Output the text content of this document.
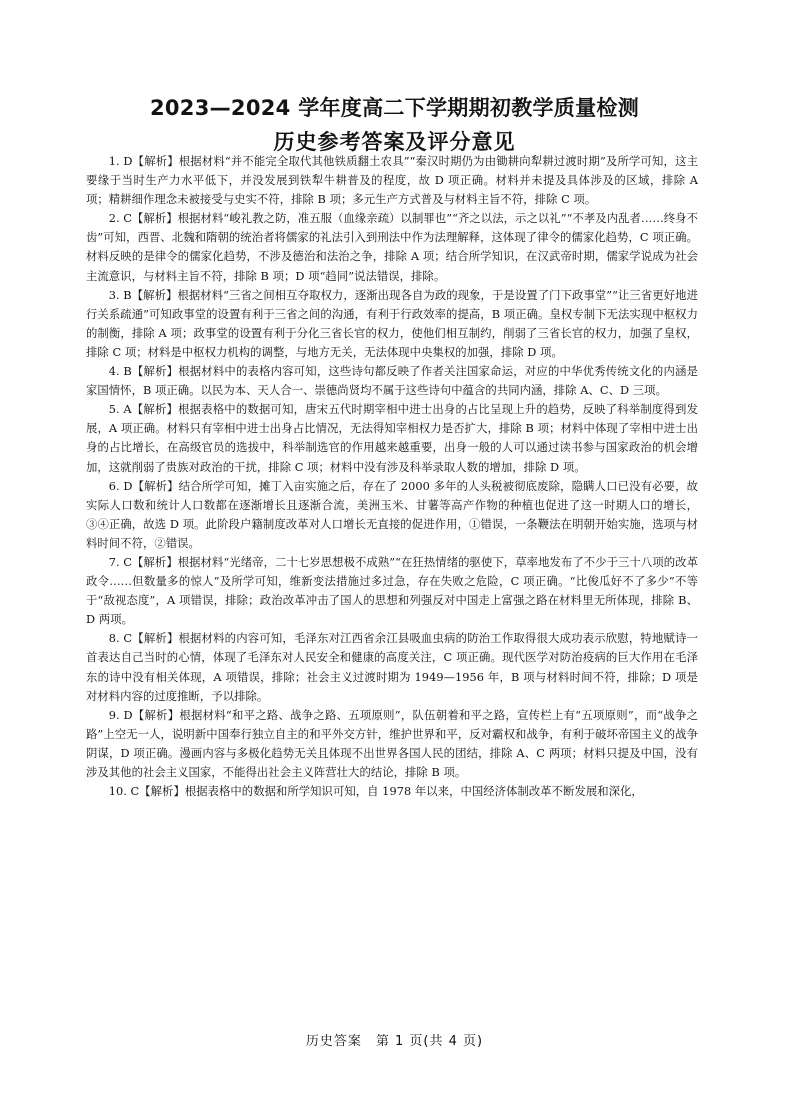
2023—2024 学年度高二下学期期初教学质量检测
历史参考答案及评分意见

1. D【解析】根据材料“并不能完全取代其他铁质翻土农具”“秦汉时期仍为由锄耕向犁耕过渡时期”及所学可知，这主要缘于当时生产力水平低下，并没发展到铁犁牛耕普及的程度，故 D 项正确。材料并未提及具体涉及的区域，排除 A 项；精耕细作理念未被接受与史实不符，排除 B 项；多元生产方式普及与材料主旨不符，排除 C 项。

2. C【解析】根据材料“峻礼教之防，准五服（血缘亲疏）以制罪也”“齐之以法，示之以礼”“不孝及内乱者……终身不齿”可知，西晋、北魏和隋朝的统治者将儒家的礼法引入到刑法中作为法理解释，这体现了律令的儒家化趋势，C 项正确。材料反映的是律令的儒家化趋势，不涉及德治和法治之争，排除 A 项；结合所学知识，在汉武帝时期，儒家学说成为社会主流意识，与材料主旨不符，排除 B 项；D 项“趋同”说法错误，排除。

3. B【解析】根据材料“三省之间相互夺取权力，逐渐出现各自为政的现象，于是设置了门下政事堂”“让三省更好地进行关系疏通”可知政事堂的设置有利于三省之间的沟通，有利于行政效率的提高，B 项正确。皇权专制下无法实现中枢权力的制衡，排除 A 项；政事堂的设置有利于分化三省长官的权力，使他们相互制约，削弱了三省长官的权力，加强了皇权，排除 C 项；材料是中枢权力机构的调整，与地方无关，无法体现中央集权的加强，排除 D 项。

4. B【解析】根据材料中的表格内容可知，这些诗句都反映了作者关注国家命运，对应的中华优秀传统文化的内涵是家国情怀，B 项正确。以民为本、天人合一、崇德尚贤均不属于这些诗句中蕴含的共同内涵，排除 A、C、D 三项。

5. A【解析】根据表格中的数据可知，唐宋五代时期宰相中进士出身的占比呈现上升的趋势，反映了科举制度得到发展，A 项正确。材料只有宰相中进士出身占比情况，无法得知宰相权力是否扩大，排除 B 项；材料中体现了宰相中进士出身的占比增长，在高级官员的选拔中，科举制选官的作用越来越重要，出身一般的人可以通过读书参与国家政治的机会增加，这就削弱了贵族对政治的干扰，排除 C 项；材料中没有涉及科举录取人数的增加，排除 D 项。

6. D【解析】结合所学可知，摊丁入亩实施之后，存在了 2000 多年的人头税被彻底废除，隐瞒人口已没有必要，故实际人口数和统计人口数都在逐渐增长且逐渐合流，美洲玉米、甘薯等高产作物的种植也促进了这一时期人口的增长，③④正确，故选 D 项。此阶段户籍制度改革对人口增长无直接的促进作用，①错误，一条鞭法在明朝开始实施，选项与材料时间不符，②错误。

7. C【解析】根据材料“光绪帝，二十七岁思想极不成熟”“在狂热情绪的驱使下，草率地发布了不少于三十八项的改革政令……但数量多的惊人”及所学可知，维新变法措施过多过急，存在失败之危险，C 项正确。“比俊瓜好不了多少”不等于“敌视态度”，A 项错误，排除；政治改革冲击了国人的思想和列强反对中国走上富强之路在材料里无所体现，排除 B、D 两项。

8. C【解析】根据材料的内容可知，毛泽东对江西省余江县吸血虫病的防治工作取得很大成功表示欣慰，特地赋诗一首表达自己当时的心情，体现了毛泽东对人民安全和健康的高度关注，C 项正确。现代医学对防治疫病的巨大作用在毛泽东的诗中没有相关体现，A 项错误，排除；社会主义过渡时期为 1949—1956 年，B 项与材料时间不符，排除；D 项是对材料内容的过度推断，予以排除。

9. D【解析】根据材料“和平之路、战争之路、五项原则”，队伍朝着和平之路，宣传栏上有“五项原则”，而“战争之路”上空无一人，说明新中国奉行独立自主的和平外交方针，维护世界和平，反对霸权和战争，有利于破坏帝国主义的战争阴谋，D 项正确。漫画内容与多极化趋势无关且体现不出世界各国人民的团结，排除 A、C 两项；材料只提及中国，没有涉及其他的社会主义国家，不能得出社会主义阵营壮大的结论，排除 B 项。

10. C【解析】根据表格中的数据和所学知识可知，自 1978 年以来，中国经济体制改革不断发展和深化，

历史答案　第 1 页(共 4 页)
